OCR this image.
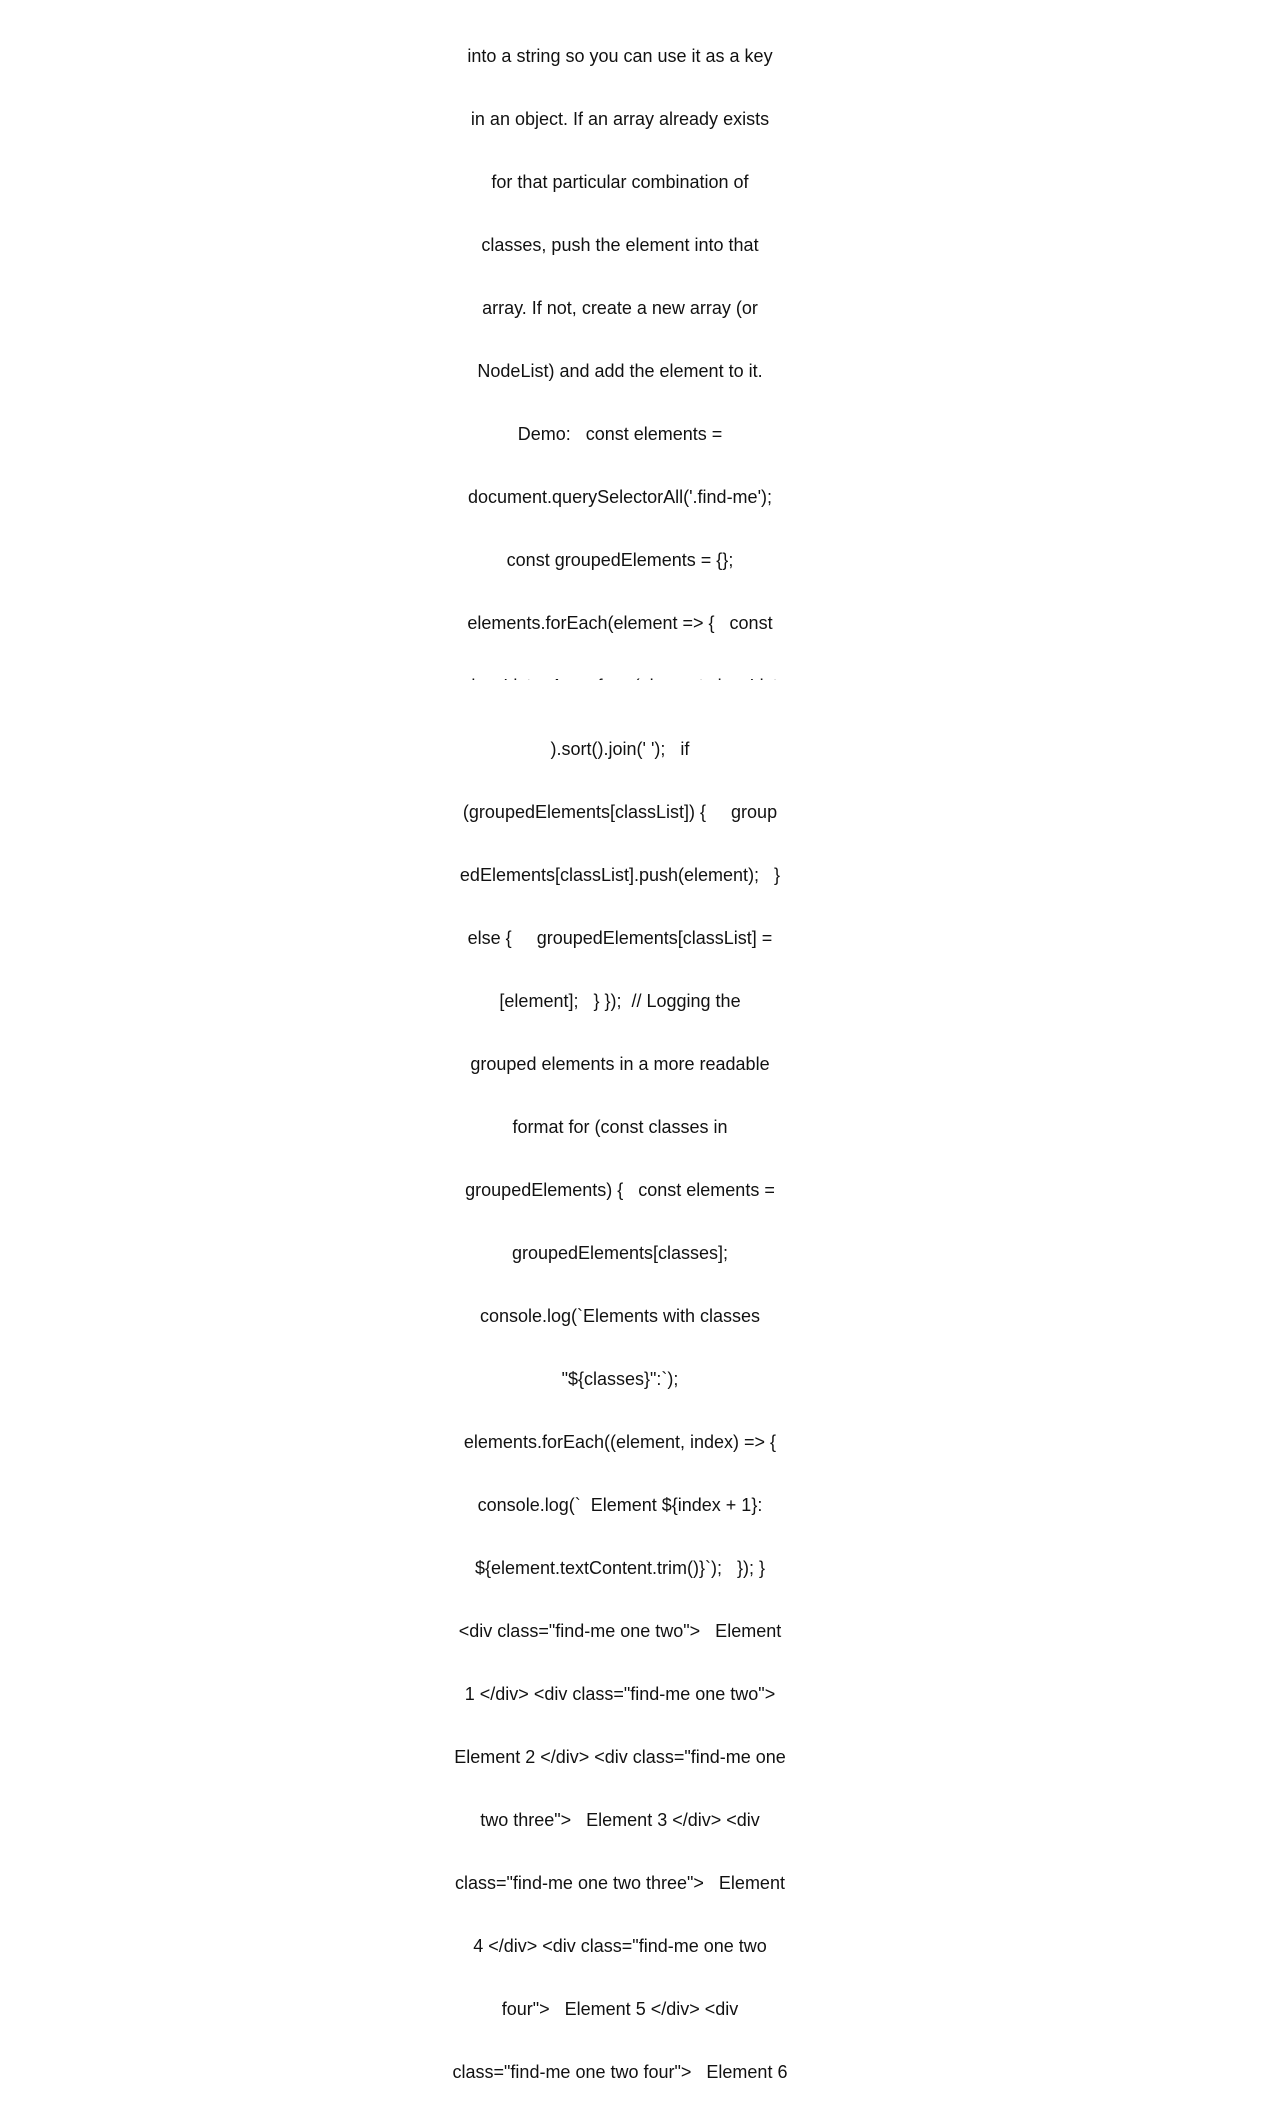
into a string so you can use it as a key

in an object. If an array already exists

for that particular combination of

classes, push the element into that

array. If not, create a new array (or

NodeList) and add the element to it.

Demo:   const elements =

document.querySelectorAll('.find-me');

const groupedElements = {};

elements.forEach(element => {   const

).sort().join(' ');   if

(groupedElements[classList]) {     group

edElements[classList].push(element);   }

else {     groupedElements[classList] =

[element];   } });  // Logging the

grouped elements in a more readable

format for (const classes in

groupedElements) {   const elements =

groupedElements[classes];

console.log(`Elements with classes

"${classes}":`);

elements.forEach((element, index) => {

console.log(`  Element ${index + 1}:

${element.textContent.trim()}`);   }); }

<div class="find-me one two">   Element

1 </div> <div class="find-me one two">

Element 2 </div> <div class="find-me one

two three">   Element 3 </div> <div

class="find-me one two three">   Element

4 </div> <div class="find-me one two

four">   Element 5 </div> <div

class="find-me one two four">   Element 6
